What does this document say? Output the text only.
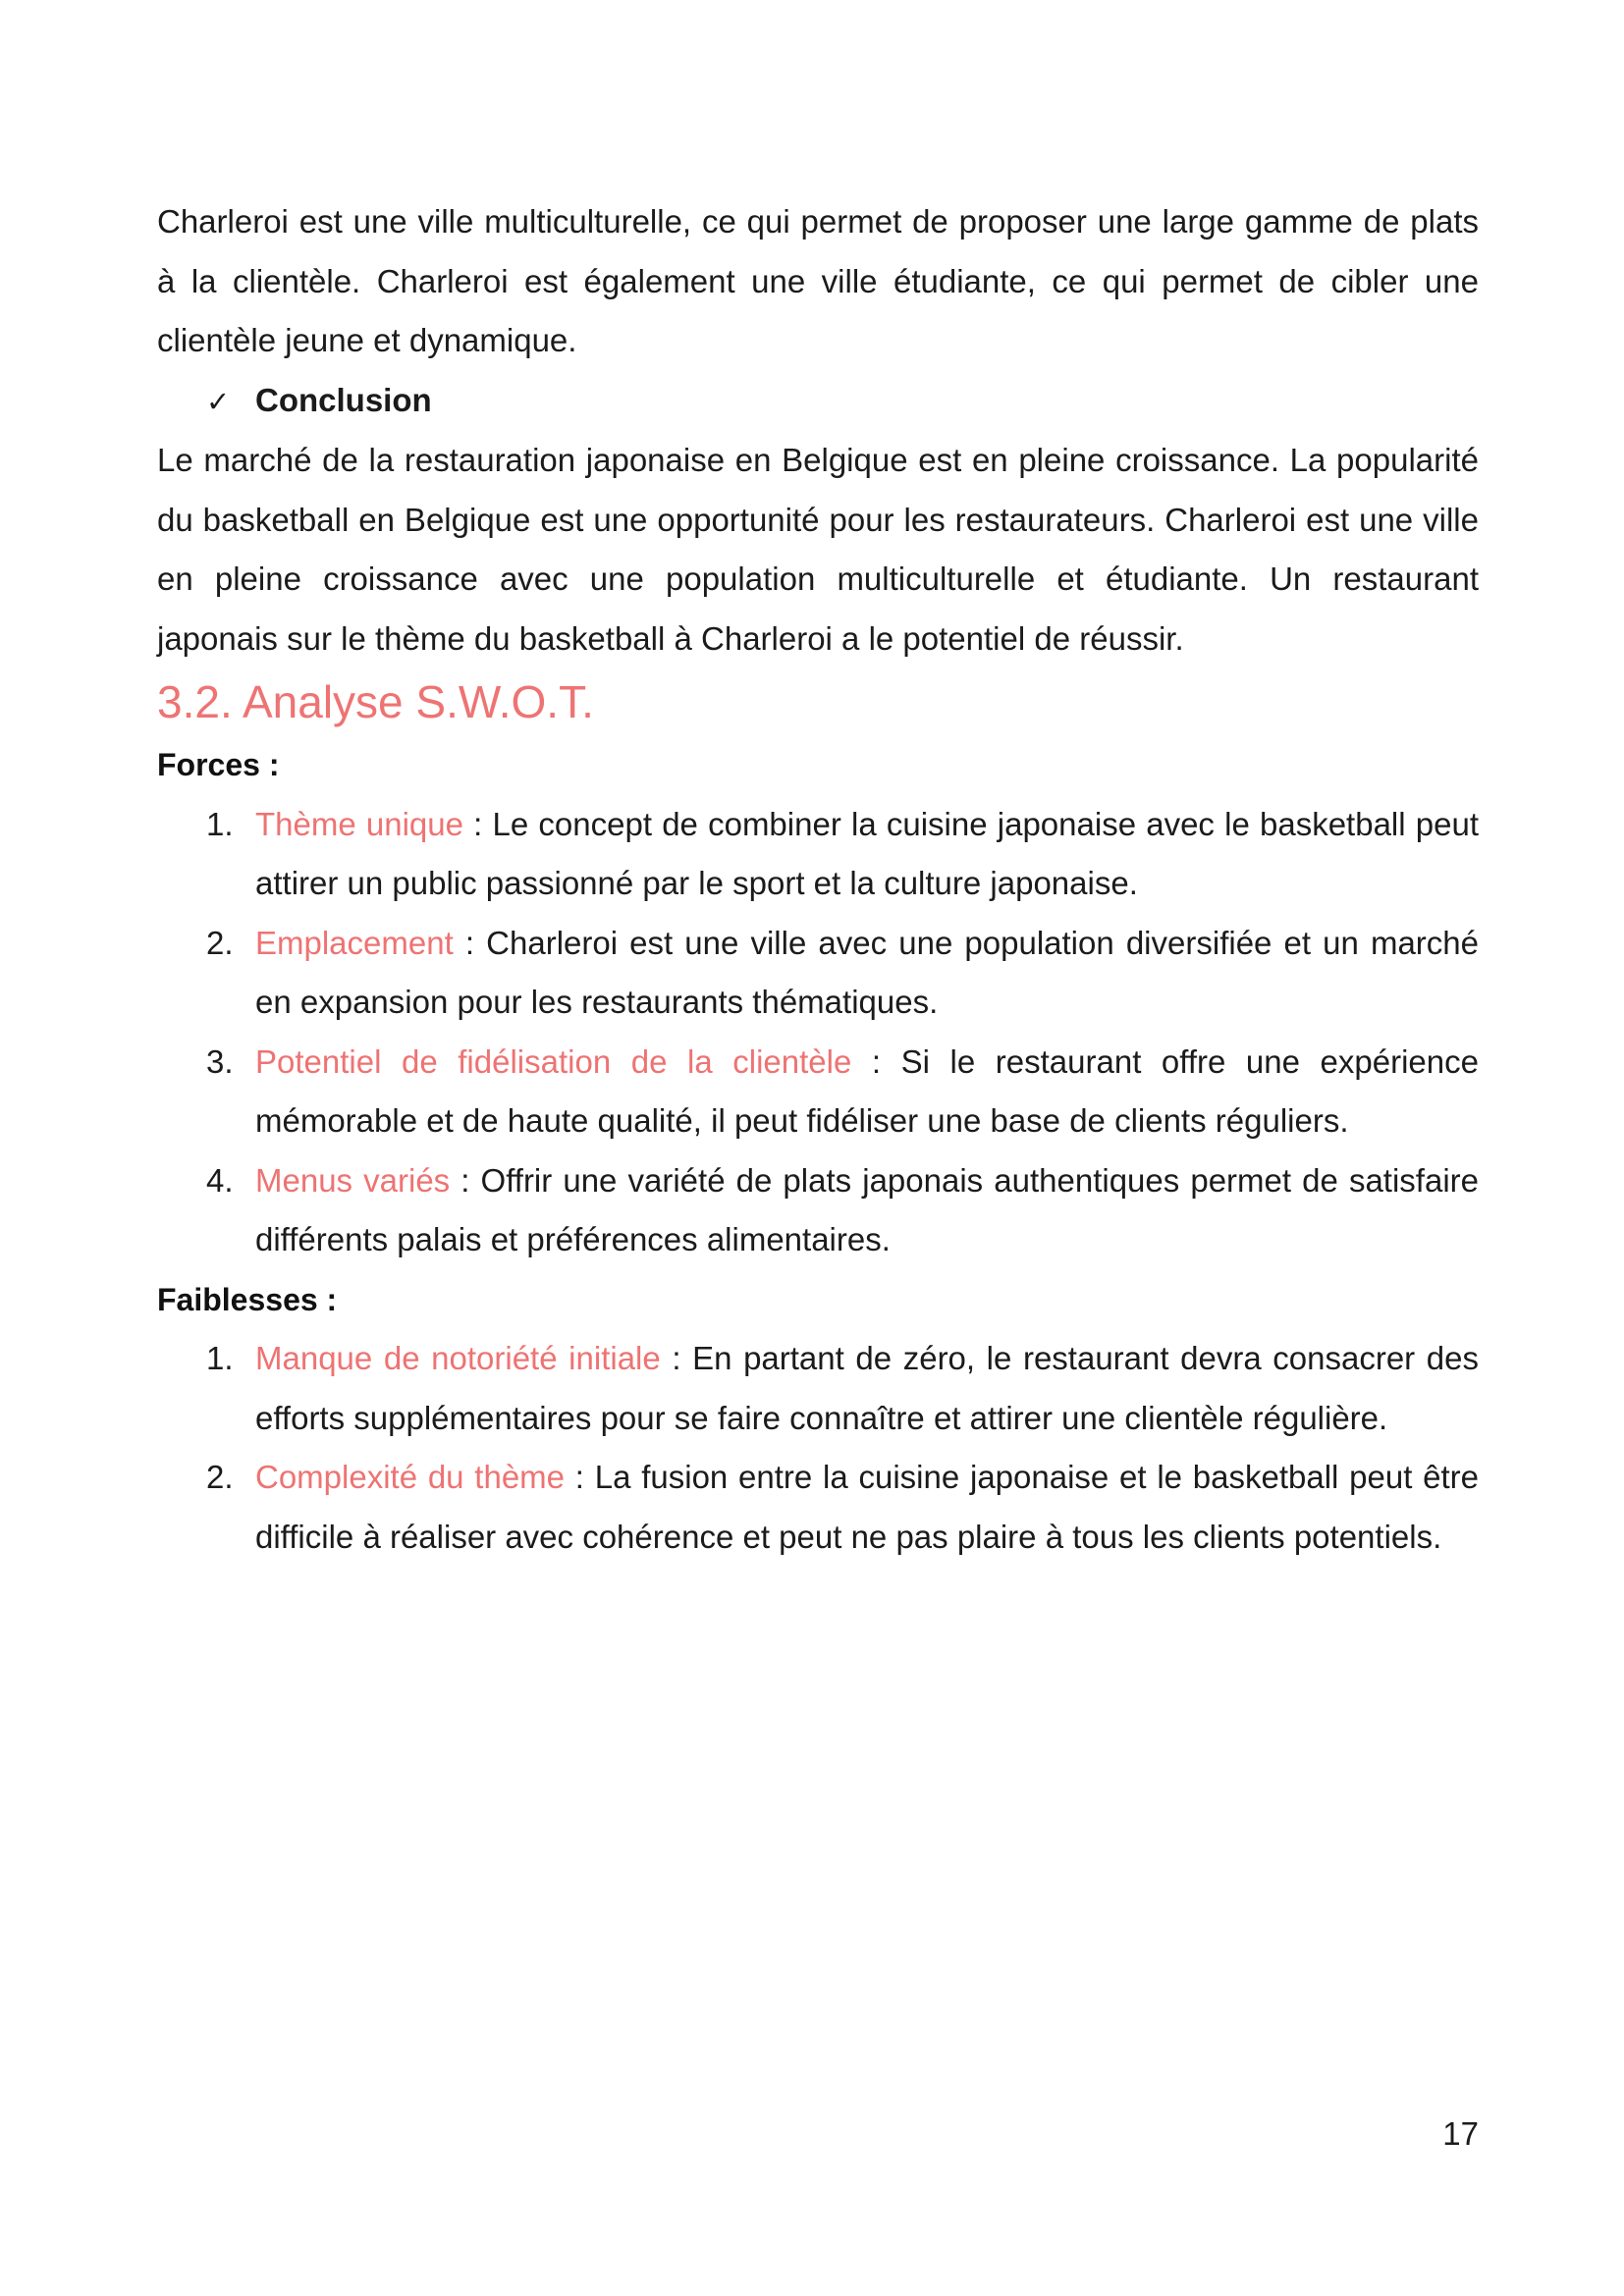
Charleroi est une ville multiculturelle, ce qui permet de proposer une large gamme de plats à la clientèle. Charleroi est également une ville étudiante, ce qui permet de cibler une clientèle jeune et dynamique.

✓ Conclusion

Le marché de la restauration japonaise en Belgique est en pleine croissance. La popularité du basketball en Belgique est une opportunité pour les restaurateurs. Charleroi est une ville en pleine croissance avec une population multiculturelle et étudiante. Un restaurant japonais sur le thème du basketball à Charleroi a le potentiel de réussir.

3.2. Analyse S.W.O.T.
Forces :
1. Thème unique : Le concept de combiner la cuisine japonaise avec le basketball peut attirer un public passionné par le sport et la culture japonaise.
2. Emplacement : Charleroi est une ville avec une population diversifiée et un marché en expansion pour les restaurants thématiques.
3. Potentiel de fidélisation de la clientèle : Si le restaurant offre une expérience mémorable et de haute qualité, il peut fidéliser une base de clients réguliers.
4. Menus variés : Offrir une variété de plats japonais authentiques permet de satisfaire différents palais et préférences alimentaires.
Faiblesses :
1. Manque de notoriété initiale : En partant de zéro, le restaurant devra consacrer des efforts supplémentaires pour se faire connaître et attirer une clientèle régulière.
2. Complexité du thème : La fusion entre la cuisine japonaise et le basketball peut être difficile à réaliser avec cohérence et peut ne pas plaire à tous les clients potentiels.
17
